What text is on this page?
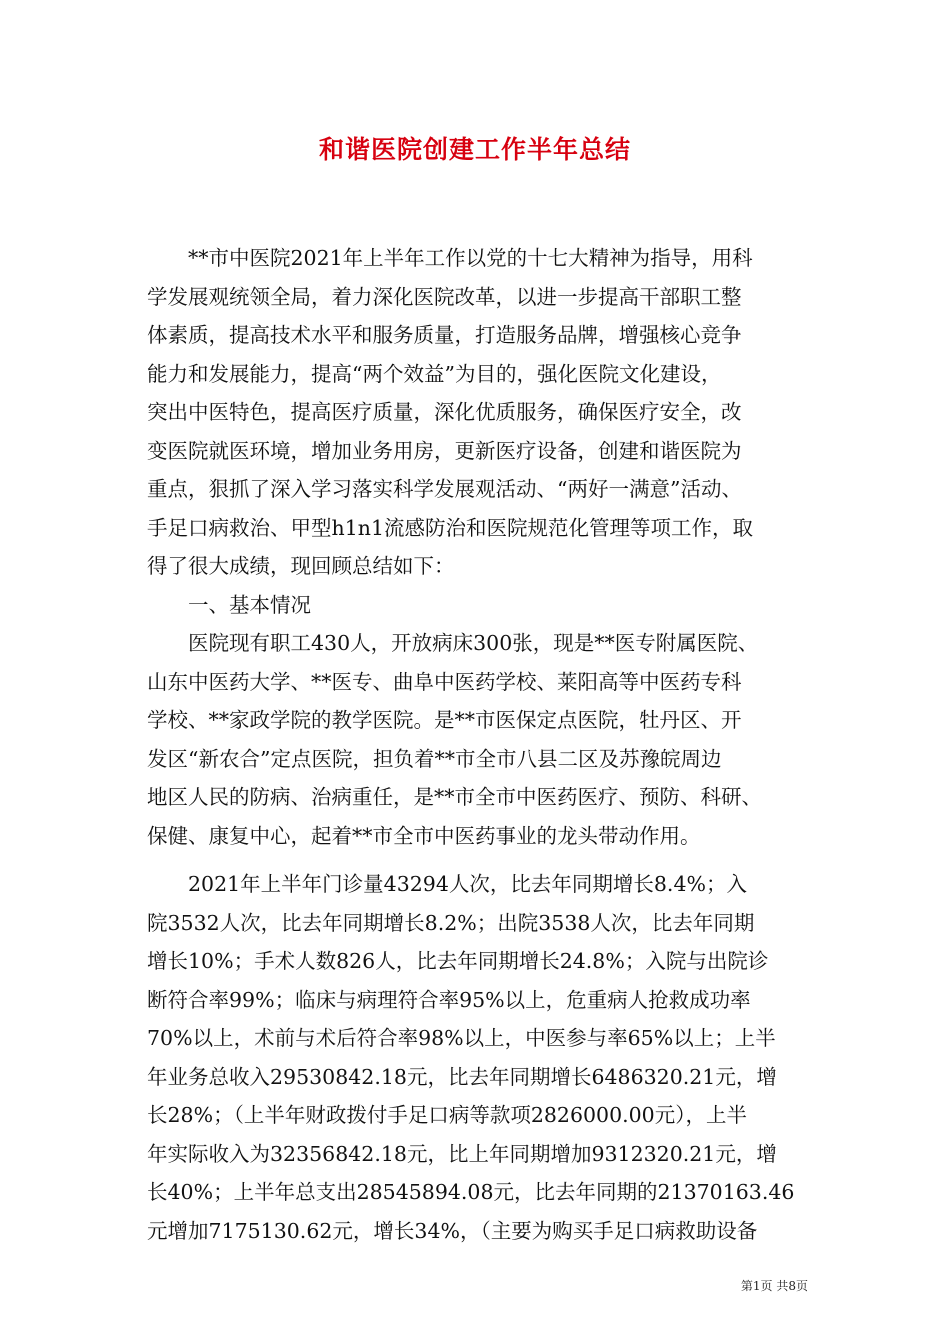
和谐医院创建工作半年总结
**市中医院2021年上半年工作以党的十七大精神为指导，用科
学发展观统领全局，着力深化医院改革，以进一步提高干部职工整
体素质，提高技术水平和服务质量，打造服务品牌，增强核心竞争
能力和发展能力，提高“两个效益”为目的，强化医院文化建设，
突出中医特色，提高医疗质量，深化优质服务，确保医疗安全，改
变医院就医环境，增加业务用房，更新医疗设备，创建和谐医院为
重点，狠抓了深入学习落实科学发展观活动、“两好一满意”活动、
手足口病救治、甲型h1n1流感防治和医院规范化管理等项工作，取
得了很大成绩，现回顾总结如下：
一、基本情况
医院现有职工430人，开放病床300张，现是**医专附属医院、
山东中医药大学、**医专、曲阜中医药学校、莱阳高等中医药专科
学校、**家政学院的教学医院。是**市医保定点医院，牡丹区、开
发区“新农合”定点医院，担负着**市全市八县二区及苏豫皖周边
地区人民的防病、治病重任，是**市全市中医药医疗、预防、科研、
保健、康复中心，起着**市全市中医药事业的龙头带动作用。
2021年上半年门诊量43294人次，比去年同期增长8.4%；入
院3532人次，比去年同期增长8.2%；出院3538人次，比去年同期
增长10%；手术人数826人，比去年同期增长24.8%；入院与出院诊
断符合率99%；临床与病理符合率95%以上，危重病人抢救成功率
70%以上，术前与术后符合率98%以上，中医参与率65%以上；上半
年业务总收入29530842.18元，比去年同期增长6486320.21元，增
长28%；（上半年财政拨付手足口病等款项2826000.00元），上半
年实际收入为32356842.18元，比上年同期增加9312320.21元，增
长40%；上半年总支出28545894.08元，比去年同期的21370163.46
元增加7175130.62元，增长34%，（主要为购买手足口病救助设备
第1页 共8页
